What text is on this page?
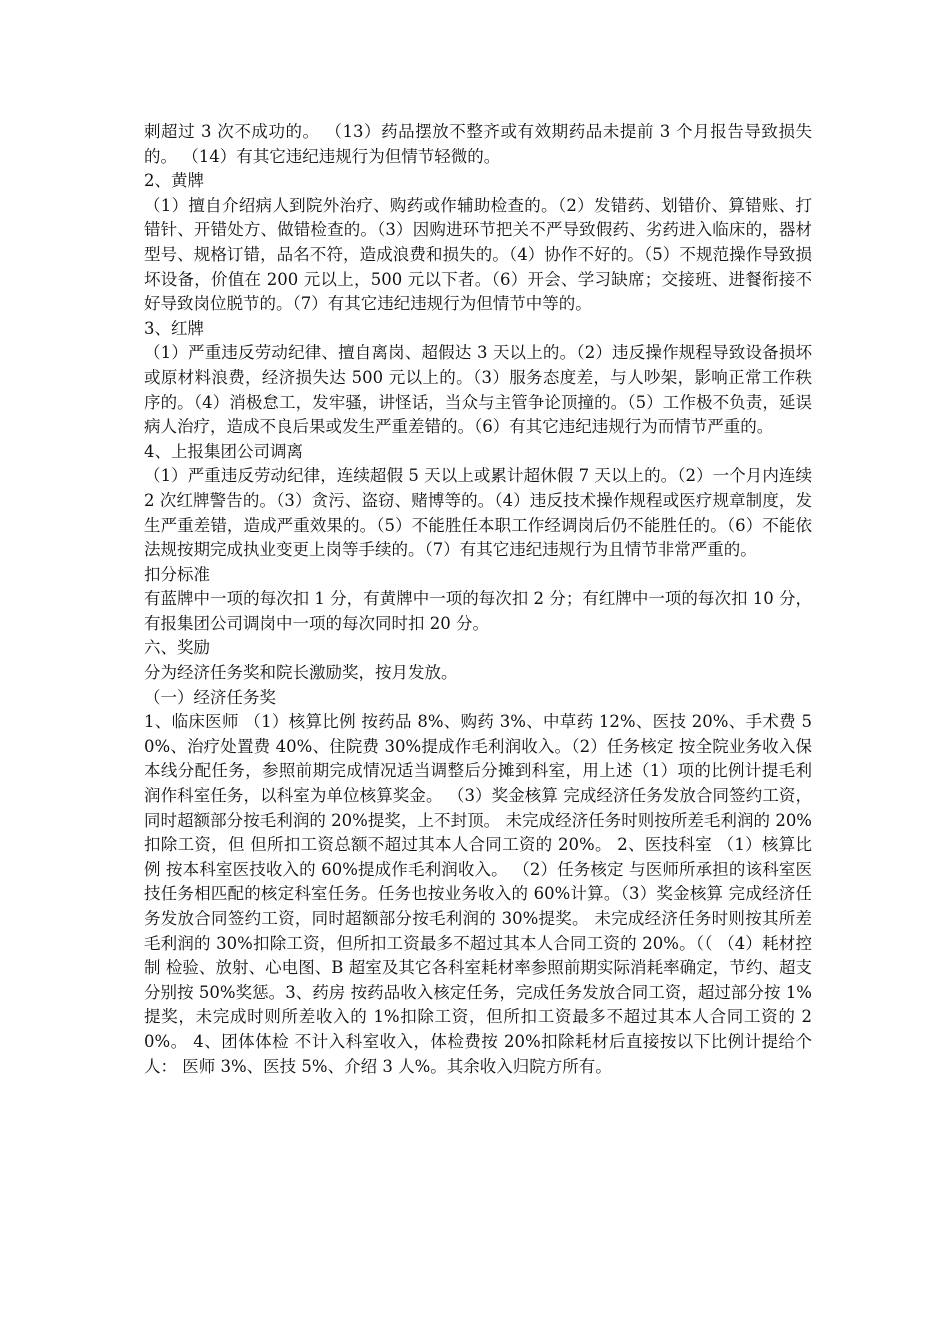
刺超过 3 次不成功的。 （13）药品摆放不整齐或有效期药品未提前 3 个月报告导致损失的。 （14）有其它违纪违规行为但情节轻微的。

2、黄牌

（1）擅自介绍病人到院外治疗、购药或作辅助检查的。（2）发错药、划错价、算错账、打错针、开错处方、做错检查的。（3）因购进环节把关不严导致假药、劣药进入临床的，器材型号、规格订错，品名不符，造成浪费和损失的。（4）协作不好的。（5）不规范操作导致损坏设备，价值在 200 元以上，500 元以下者。（6）开会、学习缺席；交接班、进餐衔接不好导致岗位脱节的。（7）有其它违纪违规行为但情节中等的。

3、红牌

（1）严重违反劳动纪律、擅自离岗、超假达 3 天以上的。（2）违反操作规程导致设备损坏或原材料浪费，经济损失达 500 元以上的。（3）服务态度差，与人吵架，影响正常工作秩序的。（4）消极怠工，发牢骚，讲怪话，当众与主管争论顶撞的。（5）工作极不负责，延误病人治疗，造成不良后果或发生严重差错的。（6）有其它违纪违规行为而情节严重的。

4、上报集团公司调离

（1）严重违反劳动纪律，连续超假 5 天以上或累计超休假 7 天以上的。（2）一个月内连续 2 次红牌警告的。（3）贪污、盗窃、赌博等的。（4）违反技术操作规程或医疗规章制度，发生严重差错，造成严重效果的。（5）不能胜任本职工作经调岗后仍不能胜任的。（6）不能依法规按期完成执业变更上岗等手续的。（7）有其它违纪违规行为且情节非常严重的。

扣分标准

有蓝牌中一项的每次扣 1 分，有黄牌中一项的每次扣 2 分；有红牌中一项的每次扣 10 分，有报集团公司调岗中一项的每次同时扣 20 分。

六、奖励

分为经济任务奖和院长激励奖，按月发放。

（一）经济任务奖

1、临床医师 （1）核算比例 按药品 8%、购药 3%、中草药 12%、医技 20%、手术费 50%、治疗处置费 40%、住院费 30%提成作毛利润收入。（2）任务核定 按全院业务收入保本线分配任务，参照前期完成情况适当调整后分摊到科室，用上述（1）项的比例计提毛利润作科室任务，以科室为单位核算奖金。 （3）奖金核算 完成经济任务发放合同签约工资，同时超额部分按毛利润的 20%提奖，上不封顶。 未完成经济任务时则按所差毛利润的 20%扣除工资，但 但所扣工资总额不超过其本人合同工资的 20%。 2、医技科室 （1）核算比例 按本科室医技收入的 60%提成作毛利润收入。 （2）任务核定 与医师所承担的该科室医技任务相匹配的核定科室任务。任务也按业务收入的 60%计算。（3）奖金核算 完成经济任务发放合同签约工资，同时超额部分按毛利润的 30%提奖。 未完成经济任务时则按其所差毛利润的 30%扣除工资，但所扣工资最多不超过其本人合同工资的 20%。（（ （4）耗材控制 检验、放射、心电图、B 超室及其它各科室耗材率参照前期实际消耗率确定，节约、超支分别按 50%奖惩。3、药房 按药品收入核定任务，完成任务发放合同工资，超过部分按 1% 提奖，未完成时则所差收入的 1%扣除工资，但所扣工资最多不超过其本人合同工资的 20%。 4、团体体检 不计入科室收入，体检费按 20%扣除耗材后直接按以下比例计提给个人： 医师 3%、医技 5%、介绍 3 人%。其余收入归院方所有。
